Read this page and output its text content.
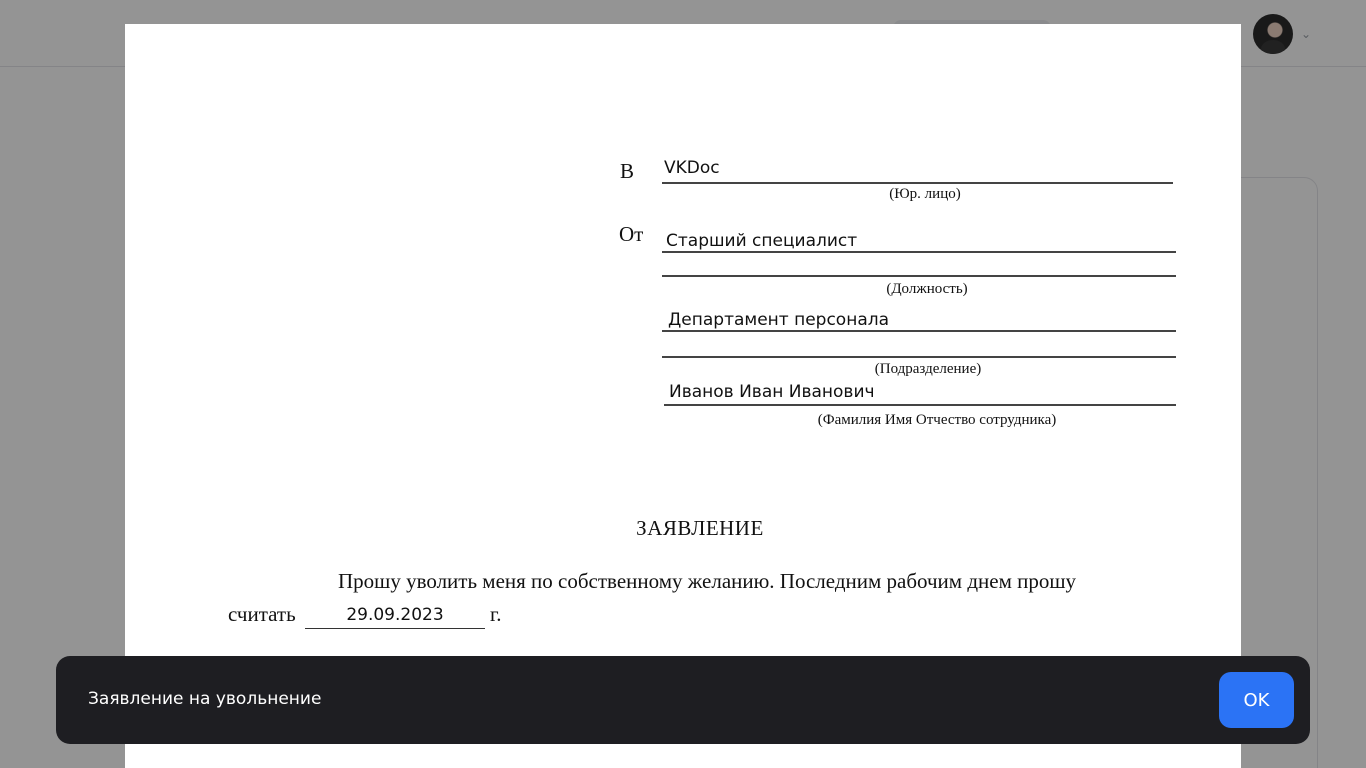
⌄
В VKDoc
(Юр. лицо)
От Старший специалист
(Должность)
Департамент персонала
(Подразделение)
Иванов Иван Иванович
(Фамилия Имя Отчество сотрудника)
ЗАЯВЛЕНИЕ
Прошу уволить меня по собственному желанию. Последним рабочим днем прошу
считать	29.09.2023	г.
Заявление на увольнение	OK
